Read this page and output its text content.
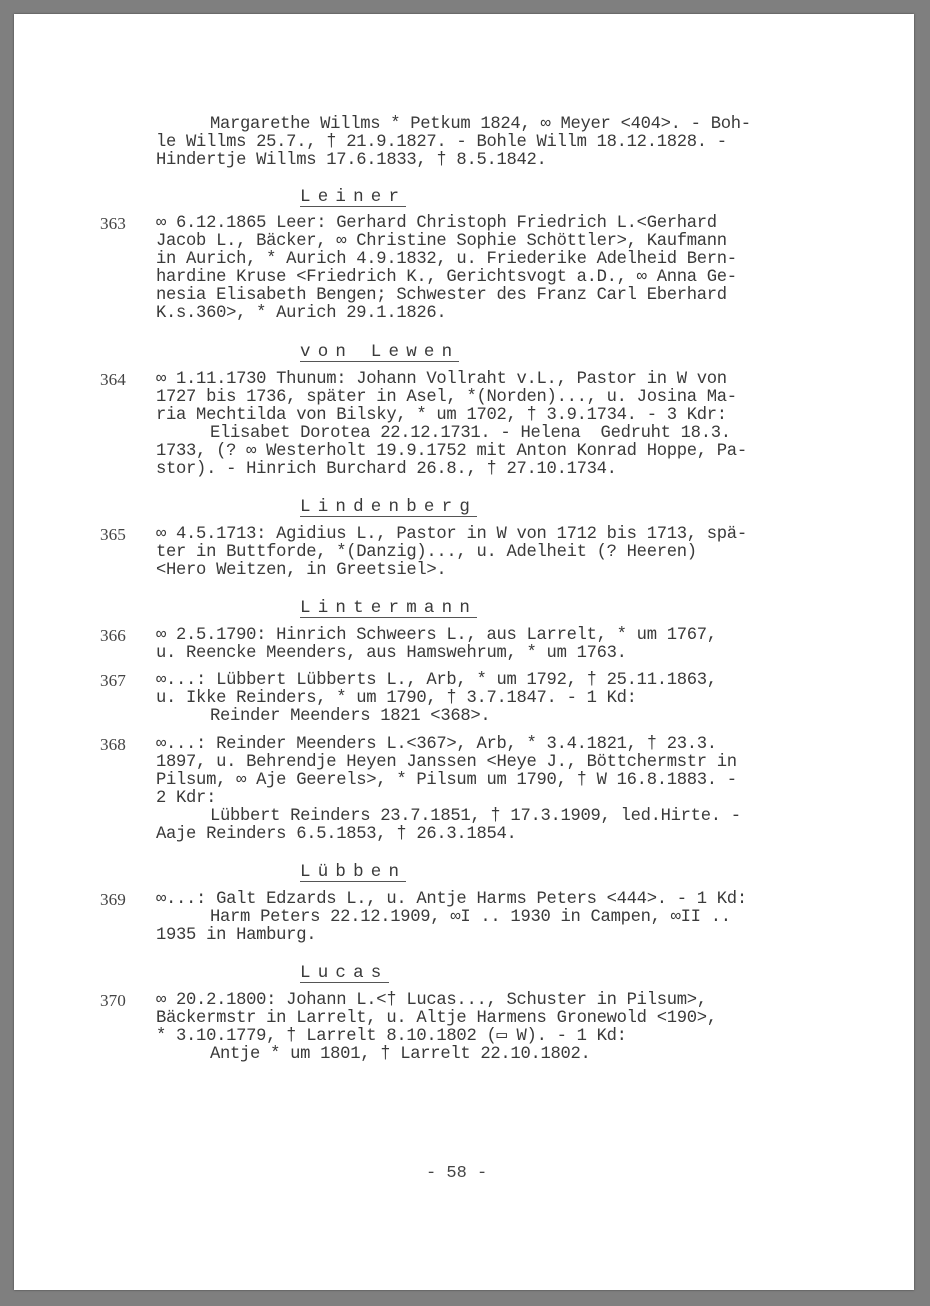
Margarethe Willms * Petkum 1824, ∞ Meyer <404>. - Boh-
le Willms 25.7., † 21.9.1827. - Bohle Willm 18.12.1828. -
Hindertje Willms 17.6.1833, † 8.5.1842.
Leiner
363 ∞ 6.12.1865 Leer: Gerhard Christoph Friedrich L.<Gerhard
Jacob L., Bäcker, ∞ Christine Sophie Schöttler>, Kaufmann
in Aurich, * Aurich 4.9.1832, u. Friederike Adelheid Bern-
hardine Kruse <Friedrich K., Gerichtsvogt a.D., ∞ Anna Ge-
nesia Elisabeth Bengen; Schwester des Franz Carl Eberhard
K.s.360>, * Aurich 29.1.1826.
von Lewen
364 ∞ 1.11.1730 Thunum: Johann Vollraht v.L., Pastor in W von
1727 bis 1736, später in Asel, *(Norden)..., u. Josina Ma-
ria Mechtilda von Bilsky, * um 1702, † 3.9.1734. - 3 Kdr:
Elisabet Dorotea 22.12.1731. - Helena  Gedruht 18.3.
1733, (? ∞ Westerholt 19.9.1752 mit Anton Konrad Hoppe, Pa-
stor). - Hinrich Burchard 26.8., † 27.10.1734.
Lindenberg
365 ∞ 4.5.1713: Agidius L., Pastor in W von 1712 bis 1713, spä-
ter in Buttforde, *(Danzig)..., u. Adelheit (? Heeren)
<Hero Weitzen, in Greetsiel>.
Lintermann
366 ∞ 2.5.1790: Hinrich Schweers L., aus Larrelt, * um 1767,
u. Reencke Meenders, aus Hamswehrum, * um 1763.
367 ∞...: Lübbert Lübberts L., Arb, * um 1792, † 25.11.1863,
u. Ikke Reinders, * um 1790, † 3.7.1847. - 1 Kd:
Reinder Meenders 1821 <368>.
368 ∞...: Reinder Meenders L.<367>, Arb, * 3.4.1821, † 23.3.
1897, u. Behrendje Heyen Janssen <Heye J., Böttchermstr in
Pilsum, ∞ Aje Geerels>, * Pilsum um 1790, † W 16.8.1883. -
2 Kdr:
Lübbert Reinders 23.7.1851, † 17.3.1909, led.Hirte. -
Aaje Reinders 6.5.1853, † 26.3.1854.
Lübben
369 ∞...: Galt Edzards L., u. Antje Harms Peters <444>. - 1 Kd:
Harm Peters 22.12.1909, ∞I .. 1930 in Campen, ∞II ..
1935 in Hamburg.
Lucas
370 ∞ 20.2.1800: Johann L.<† Lucas..., Schuster in Pilsum>,
Bäckermstr in Larrelt, u. Altje Harmens Gronewold <190>,
* 3.10.1779, † Larrelt 8.10.1802 (▭ W). - 1 Kd:
Antje * um 1801, † Larrelt 22.10.1802.
- 58 -
